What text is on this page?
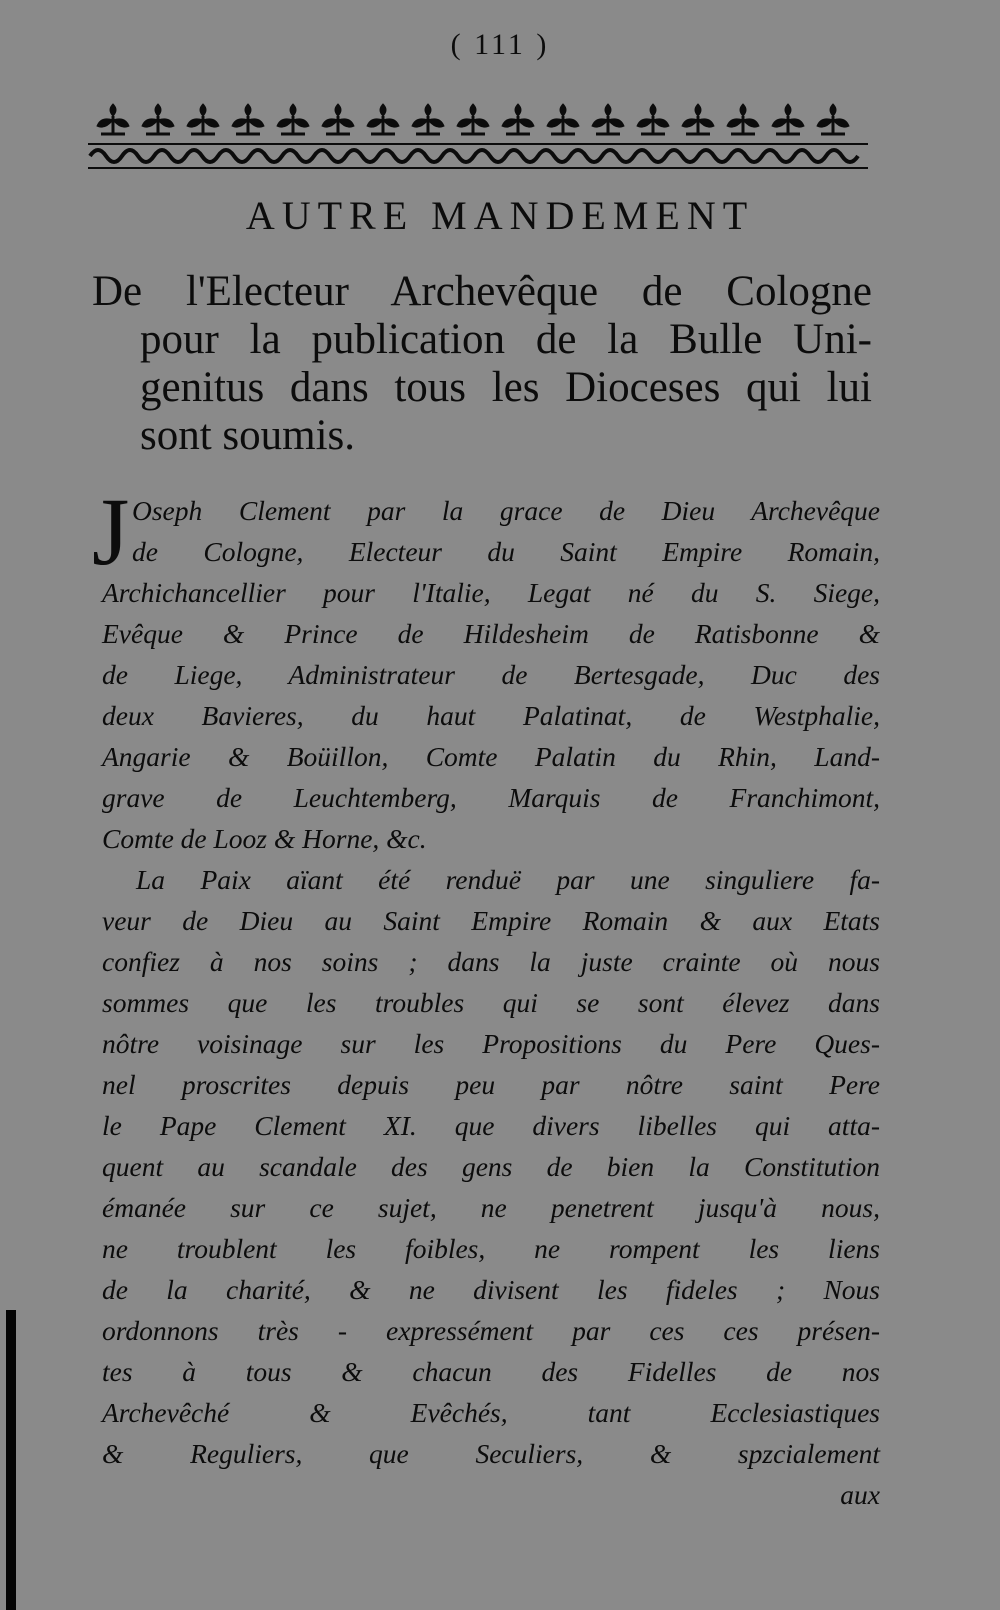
( 111 )
AUTRE MANDEMENT
De l'Electeur Archevêque de Cologne
pour la publication de la Bulle Uni-
genitus dans tous les Dioceses qui lui
sont soumis.
J Oseph Clement par la grace de Dieu Archevêque
de Cologne, Electeur du Saint Empire Romain,
Archichancellier pour l'Italie, Legat né du S. Siege,
Evêque & Prince de Hildesheim de Ratisbonne &
de Liege, Administrateur de Bertesgade, Duc des
deux Bavieres, du haut Palatinat, de Westphalie,
Angarie & Boüillon, Comte Palatin du Rhin, Land-
grave de Leuchtemberg, Marquis de Franchimont,
Comte de Looz & Horne, &c.
La Paix aïant été renduë par une singuliere fa-
veur de Dieu au Saint Empire Romain & aux Etats
confiez à nos soins ; dans la juste crainte où nous
sommes que les troubles qui se sont élevez dans
nôtre voisinage sur les Propositions du Pere Ques-
nel proscrites depuis peu par nôtre saint Pere
le Pape Clement XI. que divers libelles qui atta-
quent au scandale des gens de bien la Constitution
émanée sur ce sujet, ne penetrent jusqu'à nous,
ne troublent les foibles, ne rompent les liens
de la charité, & ne divisent les fideles ; Nous
ordonnons très - expressément par ces ces présen-
tes à tous & chacun des Fidelles de nos
Archevêché & Evêchés, tant Ecclesiastiques
& Reguliers, que Seculiers, & spzcialement
aux
